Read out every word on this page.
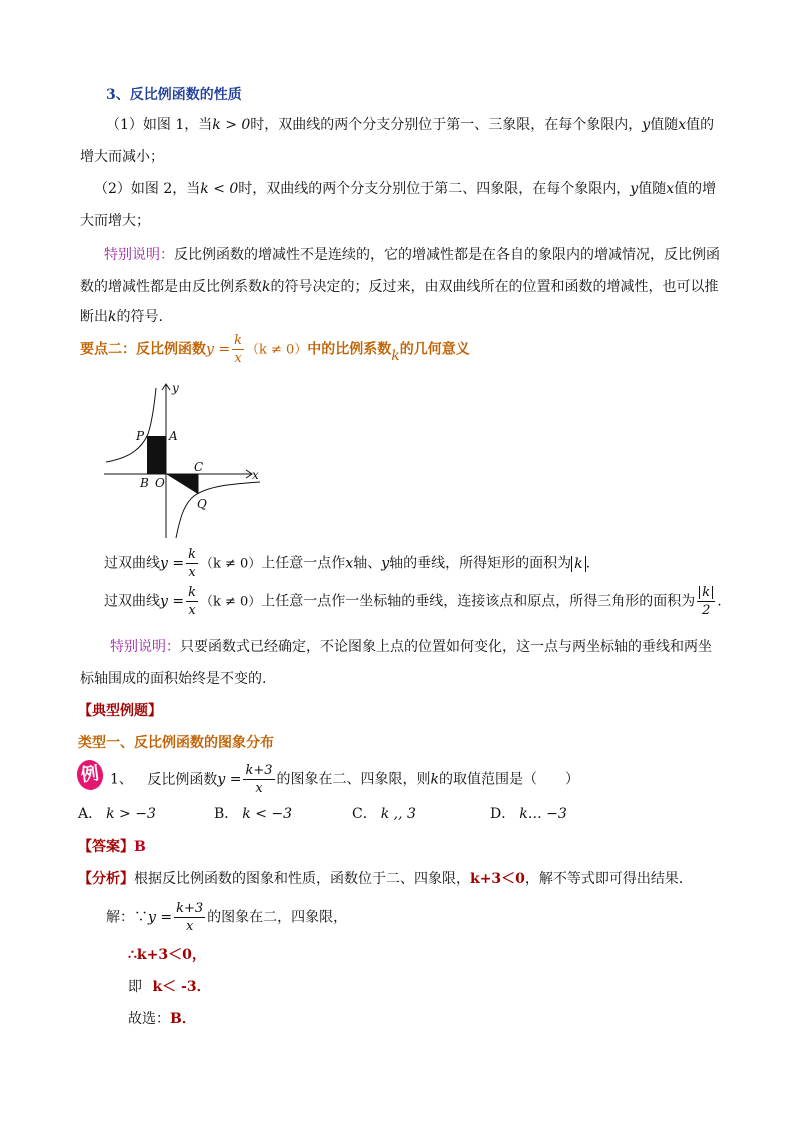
3、反比例函数的性质
（1）如图 1，当k > 0时，双曲线的两个分支分别位于第一、三象限，在每个象限内，y值随x值的
增大而减小；
（2）如图 2，当k < 0时，双曲线的两个分支分别位于第二、四象限，在每个象限内，y值随x值的增
大而增大；
特别说明：反比例函数的增减性不是连续的，它的增减性都是在各自的象限内的增减情况，反比例函
数的增减性都是由反比例系数k的符号决定的；反过来，由双曲线所在的位置和函数的增减性，也可以推
断出k的符号.
要点二：反比例函数$y = \frac{k}{x} (k \ne 0)$中的比例系数k的几何意义
y
x
P A
B O
C
Q
过双曲线$y = \frac{k}{x} (k \ne 0)$上任意一点作x轴、y轴的垂线，所得矩形的面积为 k .
过双曲线$y = \frac{k}{x} (k \ne 0)$上任意一点作一坐标轴的垂线，连接该点和原点，所得三角形的面积为 $\frac{k}{2}$ .
特别说明：只要函数式已经确定，不论图象上点的位置如何变化，这一点与两坐标轴的垂线和两坐
标轴围成的面积始终是不变的.
【典型例题】
类型一、反比例函数的图象分布
例 1、 反比例函数$y = \frac{k+3}{x}$ 的图象在二、四象限，则k的取值范围是（　　）
A． k > −3	B． k < −3	C． k ,, 3	D． k… −3
【答案】B
【分析】根据反比例函数的图象和性质，函数位于二、四象限，k+3＜0，解不等式即可得出结果．
解：∵y = $\frac{k+3}{x}$ 的图象在二，四象限，
∴k+3＜0，
即 k＜ -3．
故选：B．
